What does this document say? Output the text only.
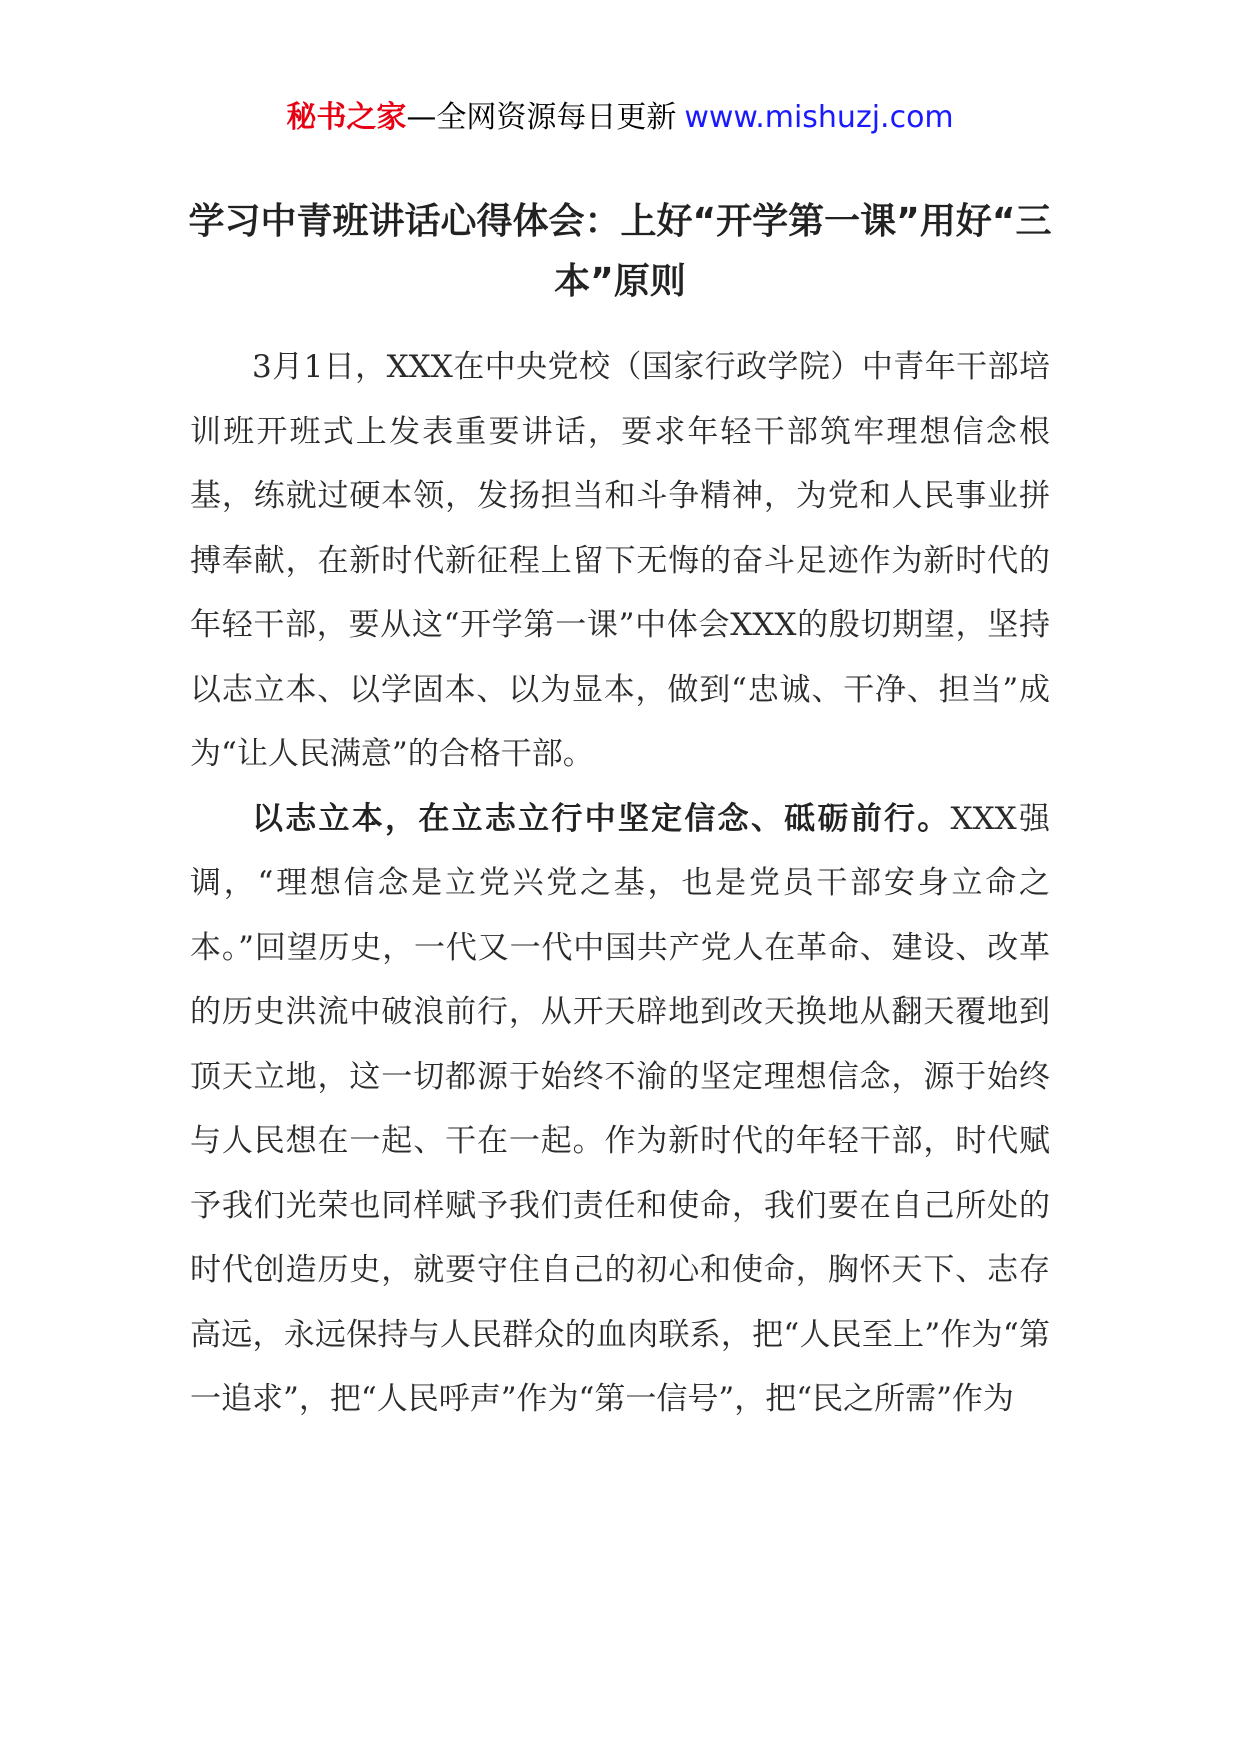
秘书之家—全网资源每日更新 www.mishuzj.com
学习中青班讲话心得体会：上好“开学第一课”用好“三本”原则

3月1日，XXX在中央党校（国家行政学院）中青年干部培训班开班式上发表重要讲话，要求年轻干部筑牢理想信念根基，练就过硬本领，发扬担当和斗争精神，为党和人民事业拼搏奉献，在新时代新征程上留下无悔的奋斗足迹作为新时代的年轻干部，要从这“开学第一课”中体会XXX的殷切期望，坚持以志立本、以学固本、以为显本，做到“忠诚、干净、担当”成为“让人民满意”的合格干部。

以志立本，在立志立行中坚定信念、砥砺前行。XXX强调，“理想信念是立党兴党之基，也是党员干部安身立命之本。”回望历史，一代又一代中国共产党人在革命、建设、改革的历史洪流中破浪前行，从开天辟地到改天换地从翻天覆地到顶天立地，这一切都源于始终不渝的坚定理想信念，源于始终与人民想在一起、干在一起。作为新时代的年轻干部，时代赋予我们光荣也同样赋予我们责任和使命，我们要在自己所处的时代创造历史，就要守住自己的初心和使命，胸怀天下、志存高远，永远保持与人民群众的血肉联系，把“人民至上”作为“第一追求”，把“人民呼声”作为“第一信号”，把“民之所需”作为
